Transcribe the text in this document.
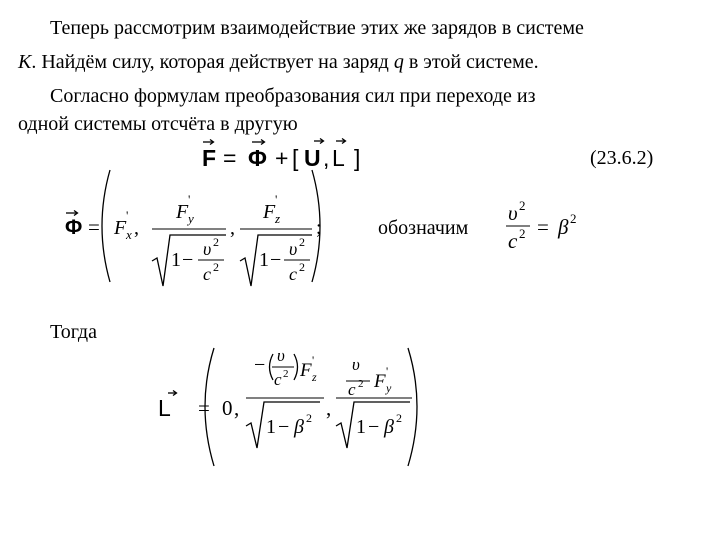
Теперь рассмотрим взаимодействие этих же зарядов в системе
K. Найдём силу, которая действует на заряд q в этой системе.
Согласно формулам преобразования сил при переходе из
одной системы отсчёта в другую
F = Φ + [ U , L ]	(23.6.2)
Φ = F x
'
,
F y
'
1 − υ 2
c 2
,
F z
'
1 − υ 2
c 2
;	обозначим
υ 2
c 2 = β 2
Тогда
L = 0 ,
− υ
c 2 F z
'
1 − β 2 ,
υ
c 2 F y
'
1 − β 2
